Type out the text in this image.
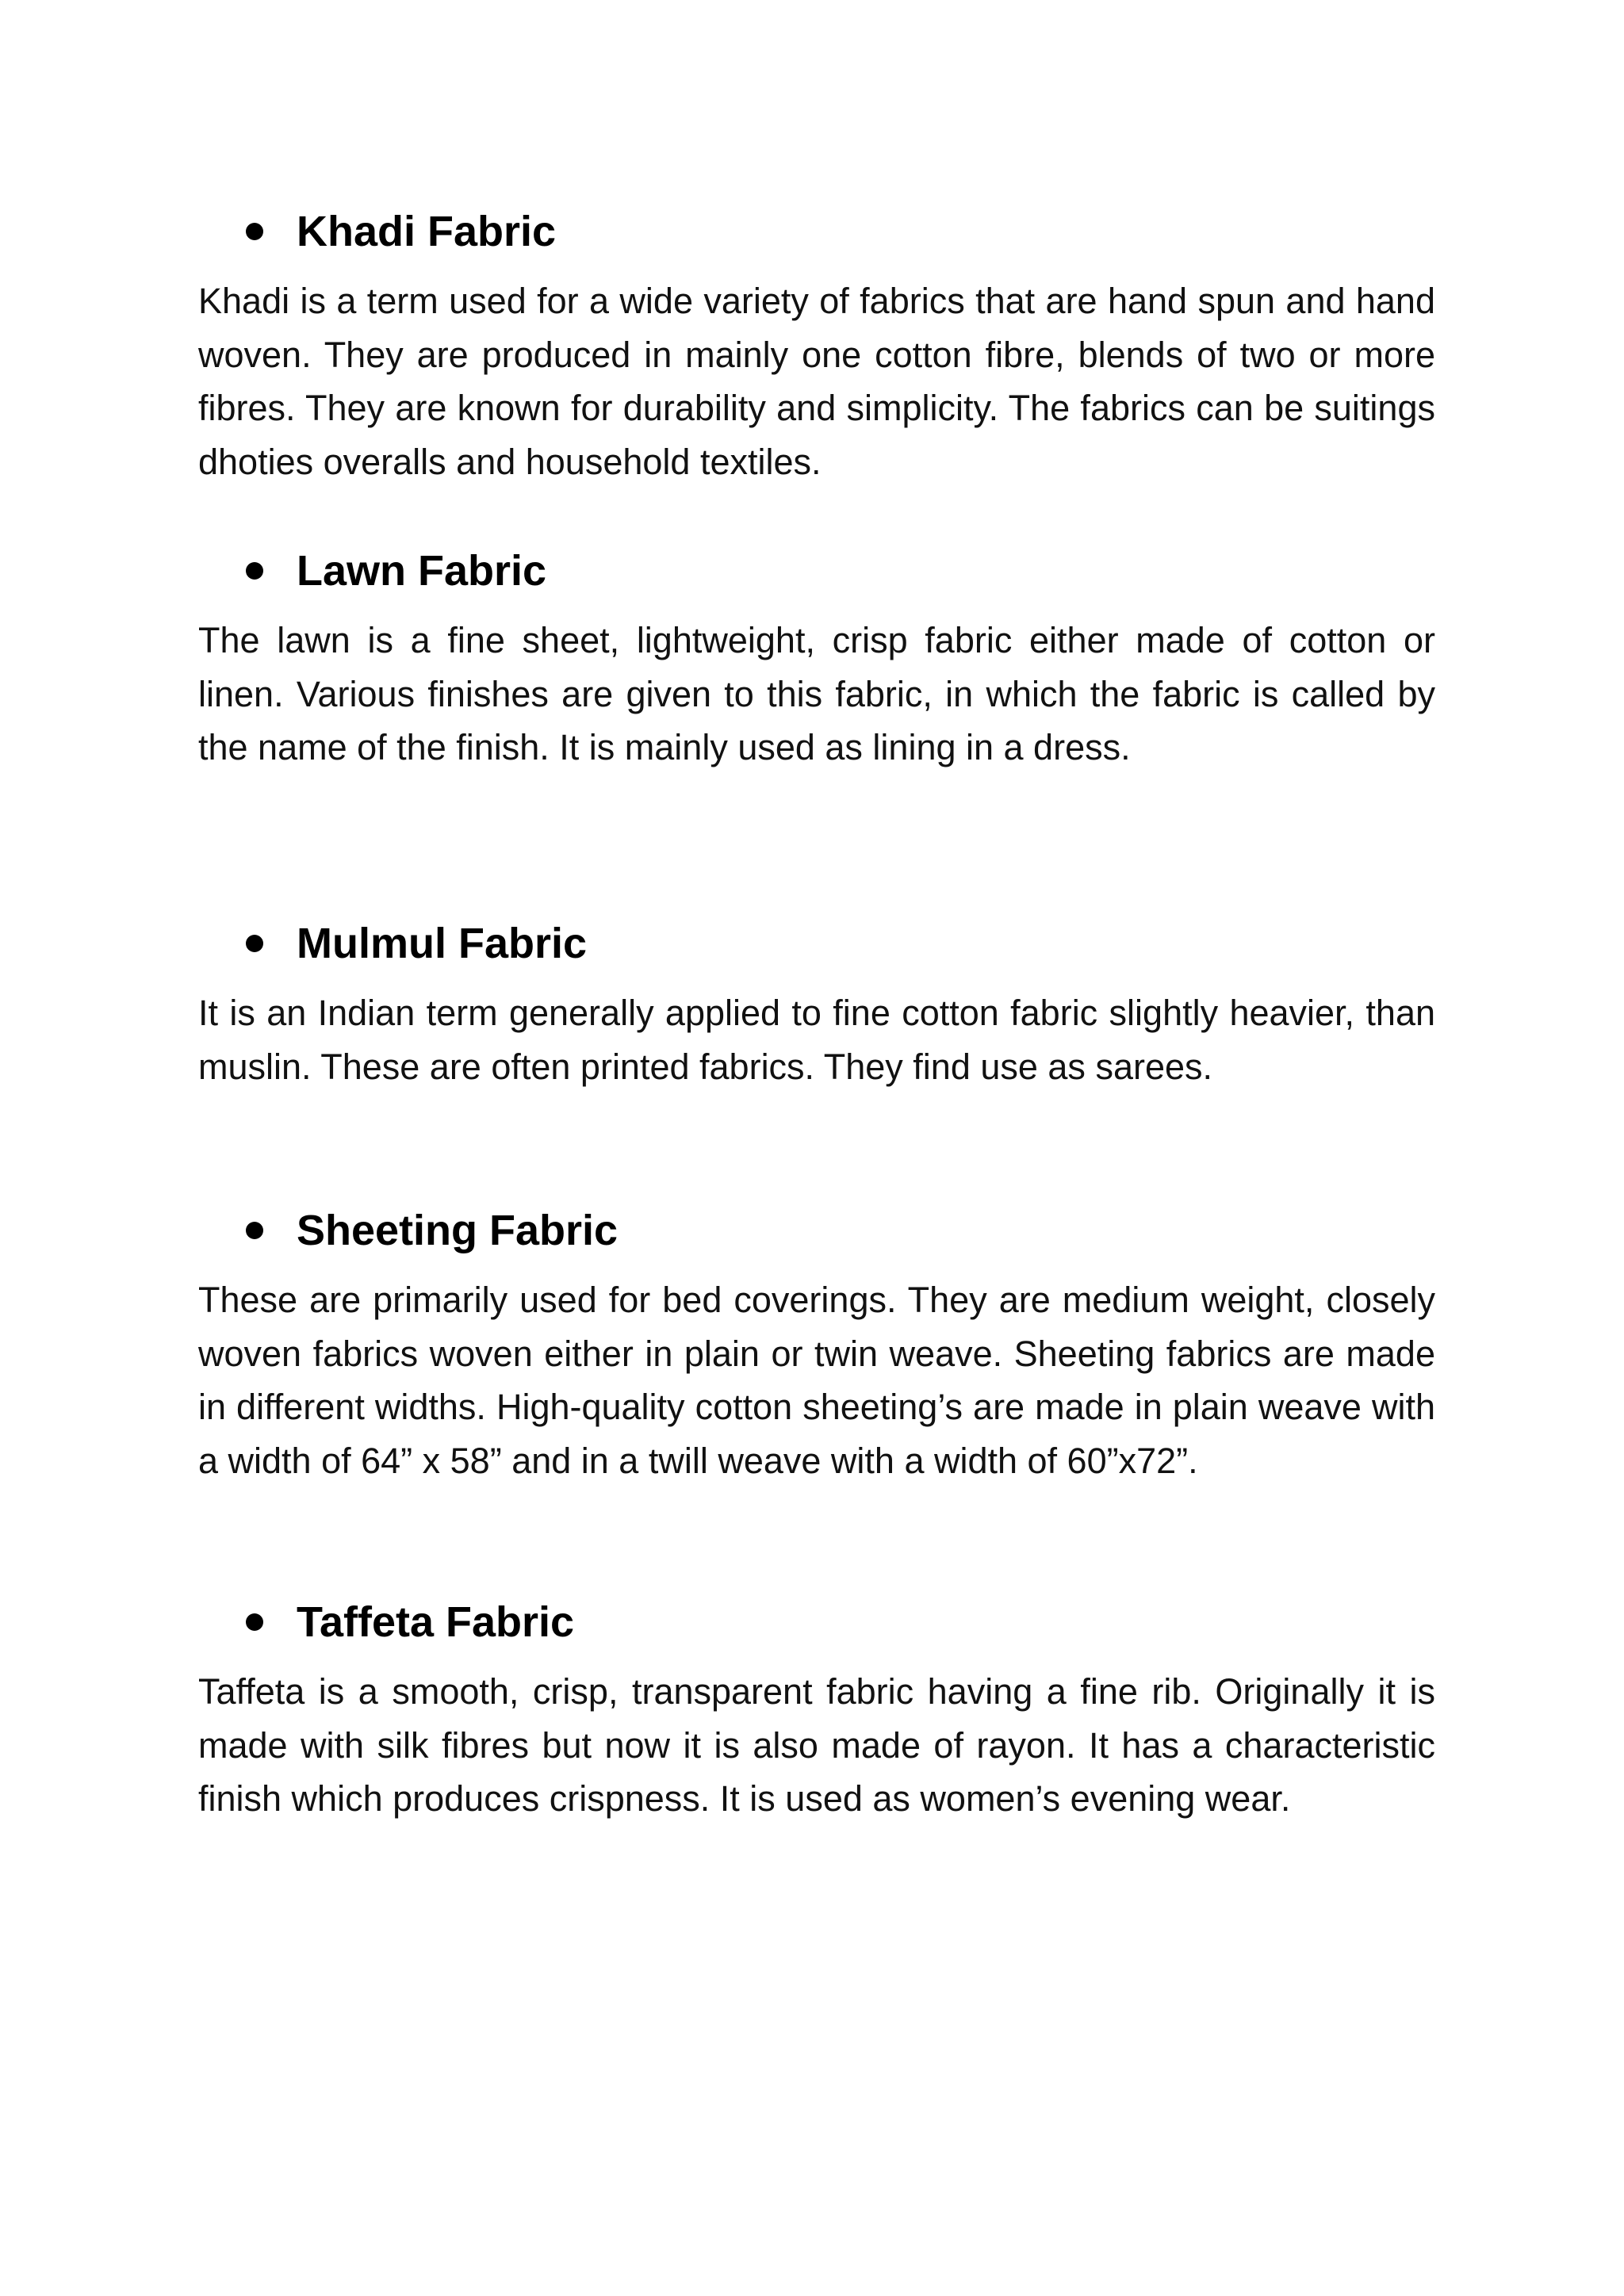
Khadi Fabric

Khadi is a term used for a wide variety of fabrics that are hand spun and hand woven. They are produced in mainly one cotton fibre, blends of two or more fibres. They are known for durability and simplicity. The fabrics can be suitings dhoties overalls and household textiles.

Lawn Fabric

The lawn is a fine sheet, lightweight, crisp fabric either made of cotton or linen. Various finishes are given to this fabric, in which the fabric is called by the name of the finish. It is mainly used as lining in a dress.

Mulmul Fabric

It is an Indian term generally applied to fine cotton fabric slightly heavier, than muslin. These are often printed fabrics. They find use as sarees.

Sheeting Fabric

These are primarily used for bed coverings. They are medium weight, closely woven fabrics woven either in plain or twin weave. Sheeting fabrics are made in different widths. High-quality cotton sheeting’s are made in plain weave with a width of 64” x 58” and in a twill weave with a width of 60”x72”.

Taffeta Fabric

Taffeta is a smooth, crisp, transparent fabric having a fine rib. Originally it is made with silk fibres but now it is also made of rayon. It has a characteristic finish which produces crispness. It is used as women’s evening wear.
